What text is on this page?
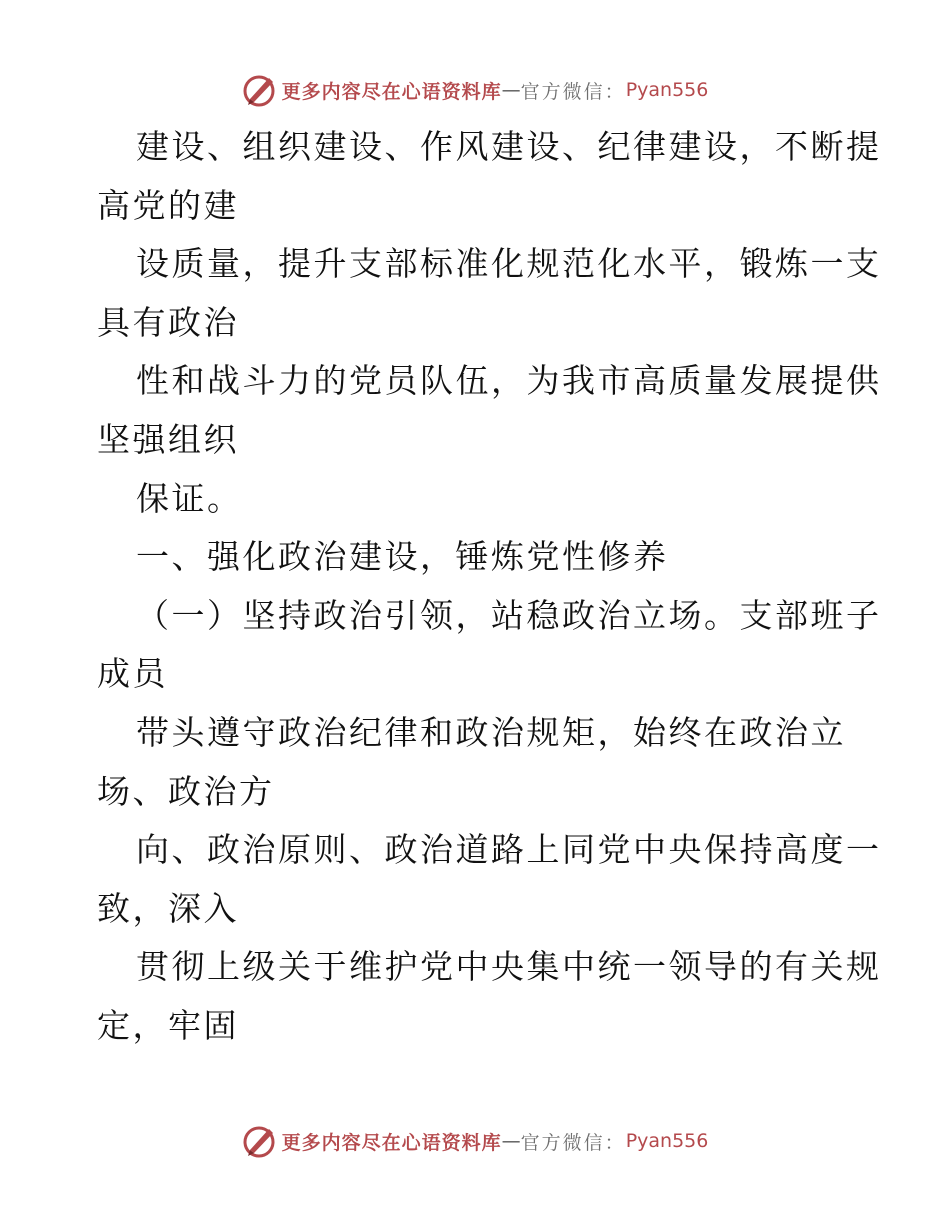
更多内容尽在心语资料库 — 官方微信： Pyan556
建设、组织建设、作风建设、纪律建设，不断提
高党的建
设质量，提升支部标准化规范化水平，锻炼一支
具有政治
性和战斗力的党员队伍，为我市高质量发展提供
坚强组织
保证。
一、强化政治建设，锤炼党性修养
（一）坚持政治引领，站稳政治立场。支部班子
成员
带头遵守政治纪律和政治规矩，始终在政治立
场、政治方
向、政治原则、政治道路上同党中央保持高度一
致，深入
贯彻上级关于维护党中央集中统一领导的有关规
定，牢固
更多内容尽在心语资料库 — 官方微信： Pyan556
